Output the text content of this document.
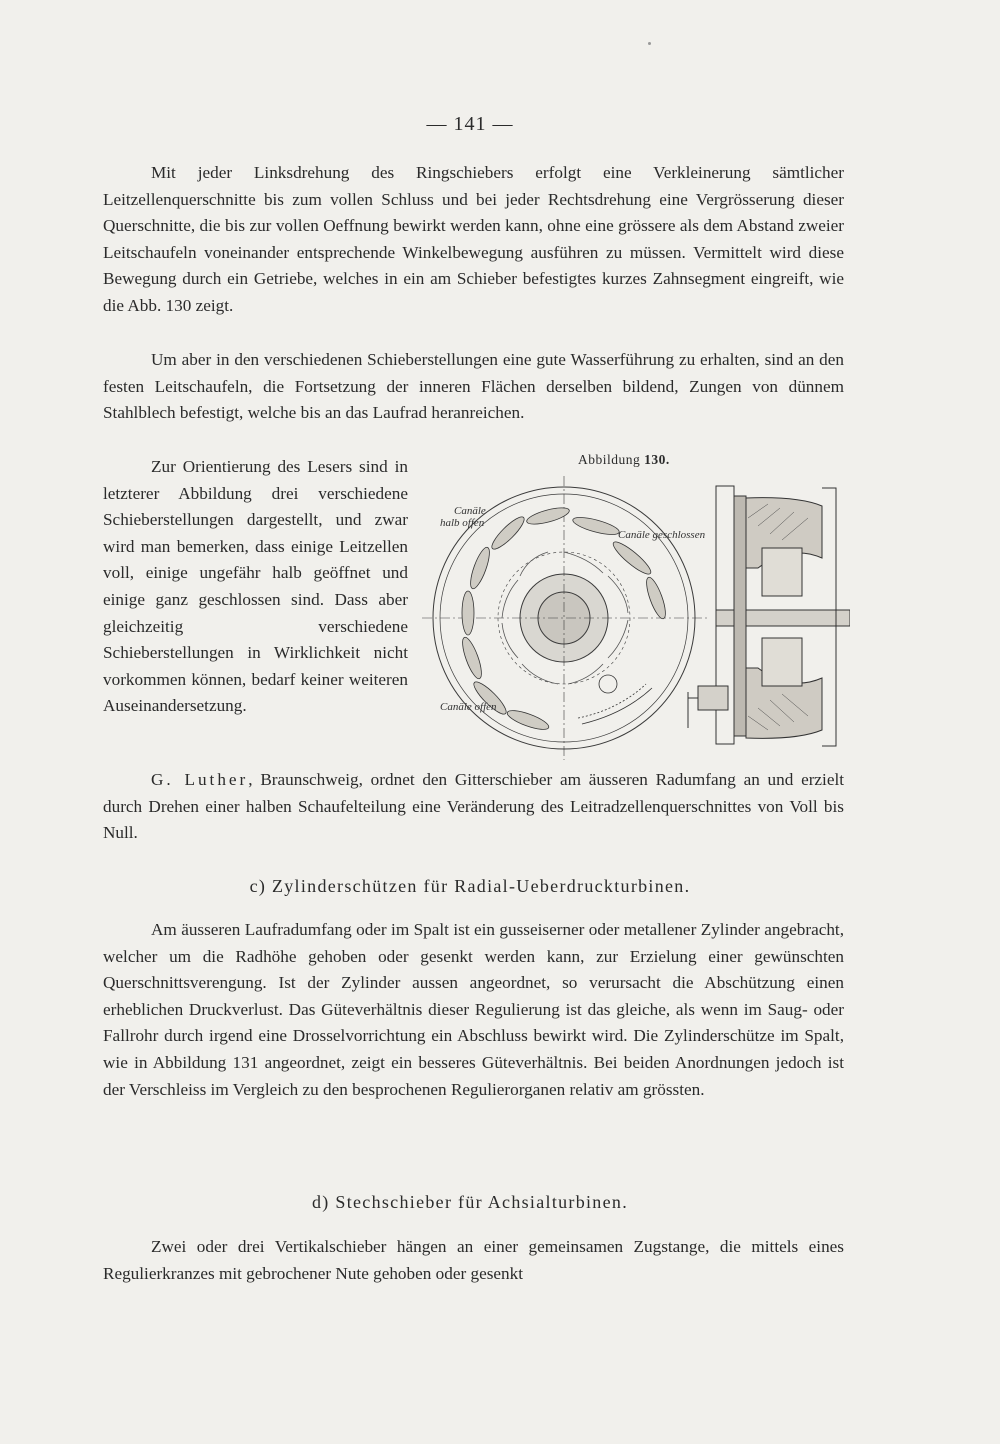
— 141 —

Mit jeder Linksdrehung des Ringschiebers erfolgt eine Verkleinerung sämtlicher Leitzellenquerschnitte bis zum vollen Schluss und bei jeder Rechtsdrehung eine Vergrösserung dieser Querschnitte, die bis zur vollen Oeffnung bewirkt werden kann, ohne eine grössere als dem Abstand zweier Leitschaufeln voneinander entsprechende Winkelbewegung ausführen zu müssen. Vermittelt wird diese Bewegung durch ein Getriebe, welches in ein am Schieber befestigtes kurzes Zahnsegment eingreift, wie die Abb. 130 zeigt.

Um aber in den verschiedenen Schieberstellungen eine gute Wasserführung zu erhalten, sind an den festen Leitschaufeln, die Fortsetzung der inneren Flächen derselben bildend, Zungen von dünnem Stahlblech befestigt, welche bis an das Laufrad heranreichen.

Zur Orientierung des Lesers sind in letzterer Abbildung drei verschiedene Schieberstellungen dargestellt, und zwar wird man bemerken, dass einige Leitzellen voll, einige ungefähr halb geöffnet und einige ganz geschlossen sind. Dass aber gleichzeitig verschiedene Schieberstellungen in Wirklichkeit nicht vorkommen können, bedarf keiner weiteren Auseinandersetzung.

Abbildung 130.
Canäle
halb offen
Canäle geschlossen
Canäle offen

G. Luther, Braunschweig, ordnet den Gitterschieber am äusseren Radumfang an und erzielt durch Drehen einer halben Schaufelteilung eine Veränderung des Leitradzellenquerschnittes von Voll bis Null.

c) Zylinderschützen für Radial-Ueberdruckturbinen.

Am äusseren Laufradumfang oder im Spalt ist ein gusseiserner oder metallener Zylinder angebracht, welcher um die Radhöhe gehoben oder gesenkt werden kann, zur Erzielung einer gewünschten Querschnittsverengung. Ist der Zylinder aussen angeordnet, so verursacht die Abschützung einen erheblichen Druckverlust. Das Güteverhältnis dieser Regulierung ist das gleiche, als wenn im Saug- oder Fallrohr durch irgend eine Drosselvorrichtung ein Abschluss bewirkt wird. Die Zylinderschütze im Spalt, wie in Abbildung 131 angeordnet, zeigt ein besseres Güteverhältnis. Bei beiden Anordnungen jedoch ist der Verschleiss im Vergleich zu den besprochenen Regulierorganen relativ am grössten.

d) Stechschieber für Achsialturbinen.

Zwei oder drei Vertikalschieber hängen an einer gemeinsamen Zugstange, die mittels eines Regulierkranzes mit gebrochener Nute gehoben oder gesenkt
